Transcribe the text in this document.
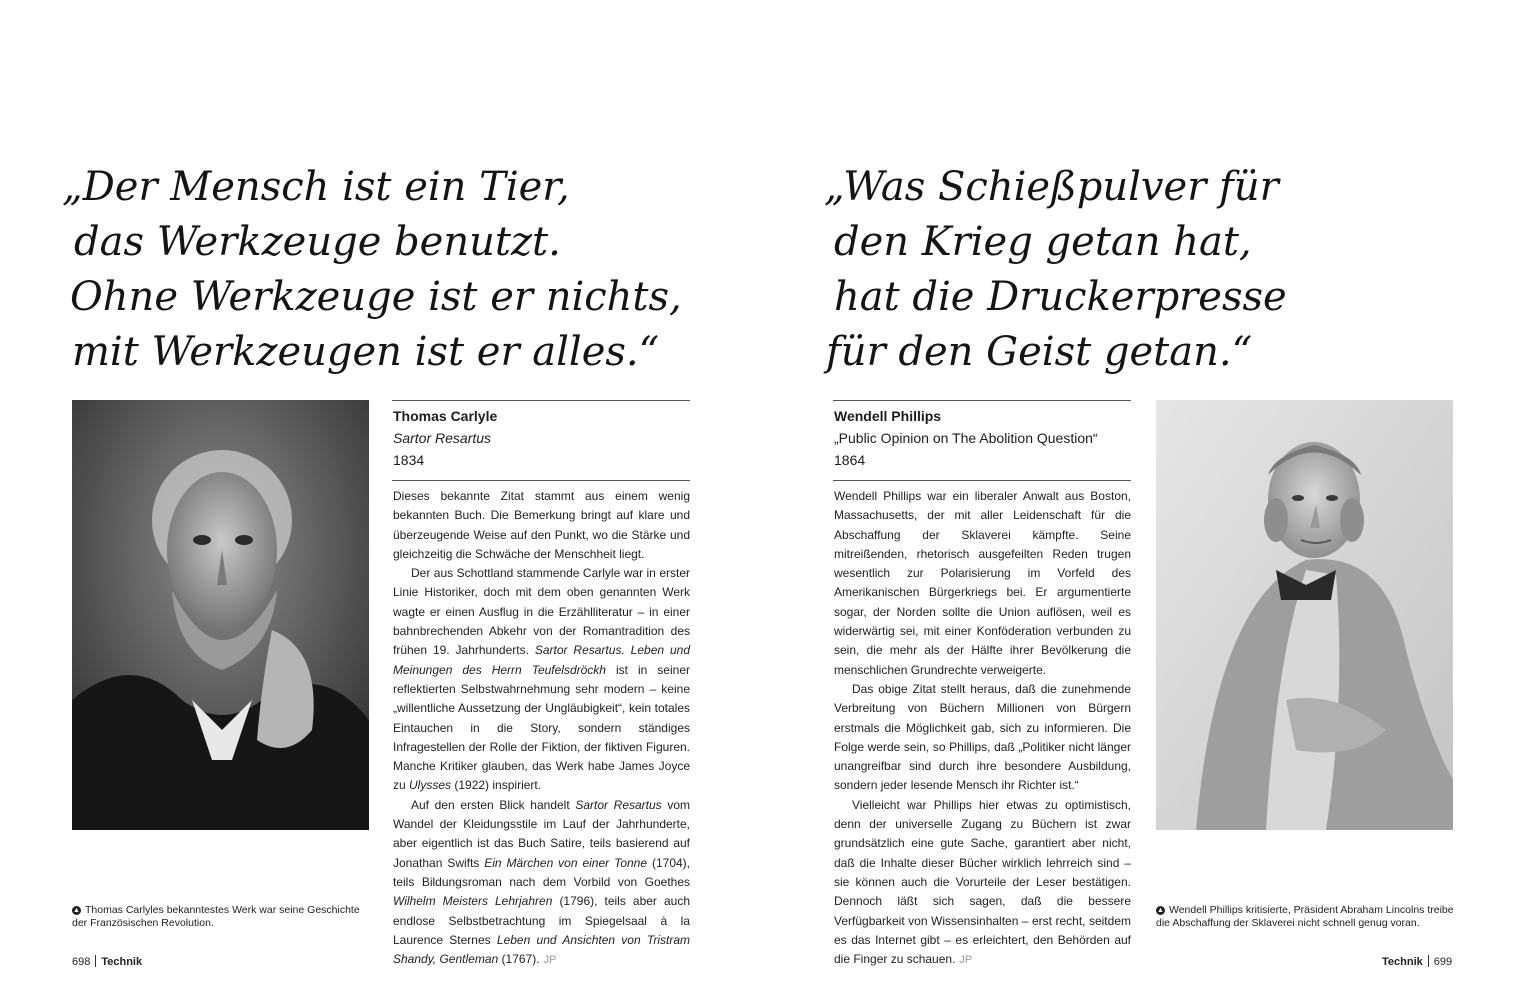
„Der Mensch ist ein Tier,
das Werkzeuge benutzt.
Ohne Werkzeuge ist er nichts,
mit Werkzeugen ist er alles.“
Thomas Carlyle
Sartor Resartus
1834

Dieses bekannte Zitat stammt aus einem wenig bekannten Buch. Die Bemerkung bringt auf klare und überzeugende Weise auf den Punkt, wo die Stärke und gleichzeitig die Schwäche der Menschheit liegt.

Der aus Schottland stammende Carlyle war in erster Linie Historiker, doch mit dem oben genannten Werk wagte er einen Ausflug in die Erzählliteratur – in einer bahnbrechenden Abkehr von der Romantradition des frühen 19. Jahrhunderts. Sartor Resartus. Leben und Meinungen des Herrn Teufelsdröckh ist in seiner reflektierten Selbstwahrnehmung sehr modern – keine „willentliche Aussetzung der Ungläubigkeit“, kein totales Eintauchen in die Story, sondern ständiges Infragestellen der Rolle der Fiktion, der fiktiven Figuren. Manche Kritiker glauben, das Werk habe James Joyce zu Ulysses (1922) inspiriert.

Auf den ersten Blick handelt Sartor Resartus vom Wandel der Kleidungsstile im Lauf der Jahrhunderte, aber eigentlich ist das Buch Satire, teils basierend auf Jonathan Swifts Ein Märchen von einer Tonne (1704), teils Bildungsroman nach dem Vorbild von Goethes Wilhelm Meisters Lehrjahren (1796), teils aber auch endlose Selbstbetrachtung im Spiegelsaal à la Laurence Sternes Leben und Ansichten von Tristram Shandy, Gentleman (1767). JP

▲ Thomas Carlyles bekanntestes Werk war seine Geschichte der Französischen Revolution.
698 Technik
„Was Schießpulver für
den Krieg getan hat,
hat die Druckerpresse
für den Geist getan.“
Wendell Phillips
„Public Opinion on The Abolition Question“
1864

Wendell Phillips war ein liberaler Anwalt aus Boston, Massachusetts, der mit aller Leidenschaft für die Abschaffung der Sklaverei kämpfte. Seine mitreißenden, rhetorisch ausgefeilten Reden trugen wesentlich zur Polarisierung im Vorfeld des Amerikanischen Bürgerkriegs bei. Er argumentierte sogar, der Norden sollte die Union auflösen, weil es widerwärtig sei, mit einer Konföderation verbunden zu sein, die mehr als der Hälfte ihrer Bevölkerung die menschlichen Grundrechte verweigerte.

Das obige Zitat stellt heraus, daß die zunehmende Verbreitung von Büchern Millionen von Bürgern erstmals die Möglichkeit gab, sich zu informieren. Die Folge werde sein, so Phillips, daß „Politiker nicht länger unangreifbar sind durch ihre besondere Ausbildung, sondern jeder lesende Mensch ihr Richter ist.“

Vielleicht war Phillips hier etwas zu optimistisch, denn der universelle Zugang zu Büchern ist zwar grundsätzlich eine gute Sache, garantiert aber nicht, daß die Inhalte dieser Bücher wirklich lehrreich sind – sie können auch die Vorurteile der Leser bestätigen. Dennoch läßt sich sagen, daß die bessere Verfügbarkeit von Wissensinhalten – erst recht, seitdem es das Internet gibt – es erleichtert, den Behörden auf die Finger zu schauen. JP

▲ Wendell Phillips kritisierte, Präsident Abraham Lincolns treibe die Abschaffung der Sklaverei nicht schnell genug voran.
Technik 699
